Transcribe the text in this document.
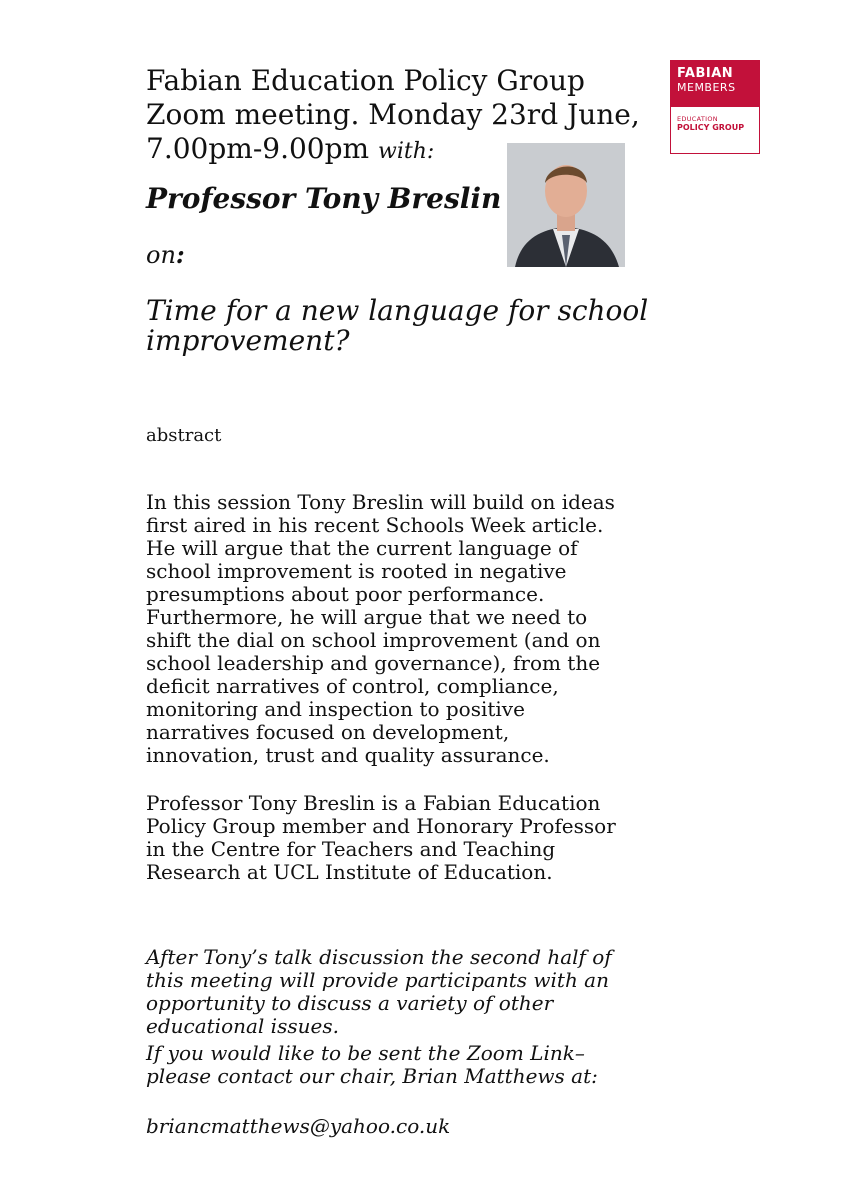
Fabian Education Policy Group Zoom meeting. Monday 23rd June, 7.00pm-9.00pm with:
Professor Tony Breslin

on:

Time for a new language for school improvement?

abstract

In this session Tony Breslin will build on ideas first aired in his recent Schools Week article. He will argue that the current language of school improvement is rooted in negative presumptions about poor performance. Furthermore, he will argue that we need to shift the dial on school improvement (and on school leadership and governance), from the deficit narratives of control, compliance, monitoring and inspection to positive narratives focused on development, innovation, trust and quality assurance.

Professor Tony Breslin is a Fabian Education Policy Group member and Honorary Professor in the Centre for Teachers and Teaching Research at UCL Institute of Education.

After Tony’s talk discussion the second half of this meeting will provide participants with an opportunity to discuss a variety of other educational issues.

If you would like to be sent the Zoom Link– please contact our chair, Brian Matthews at:

briancmatthews@yahoo.co.uk

FABIAN
MEMBERS
EDUCATION
POLICY GROUP
